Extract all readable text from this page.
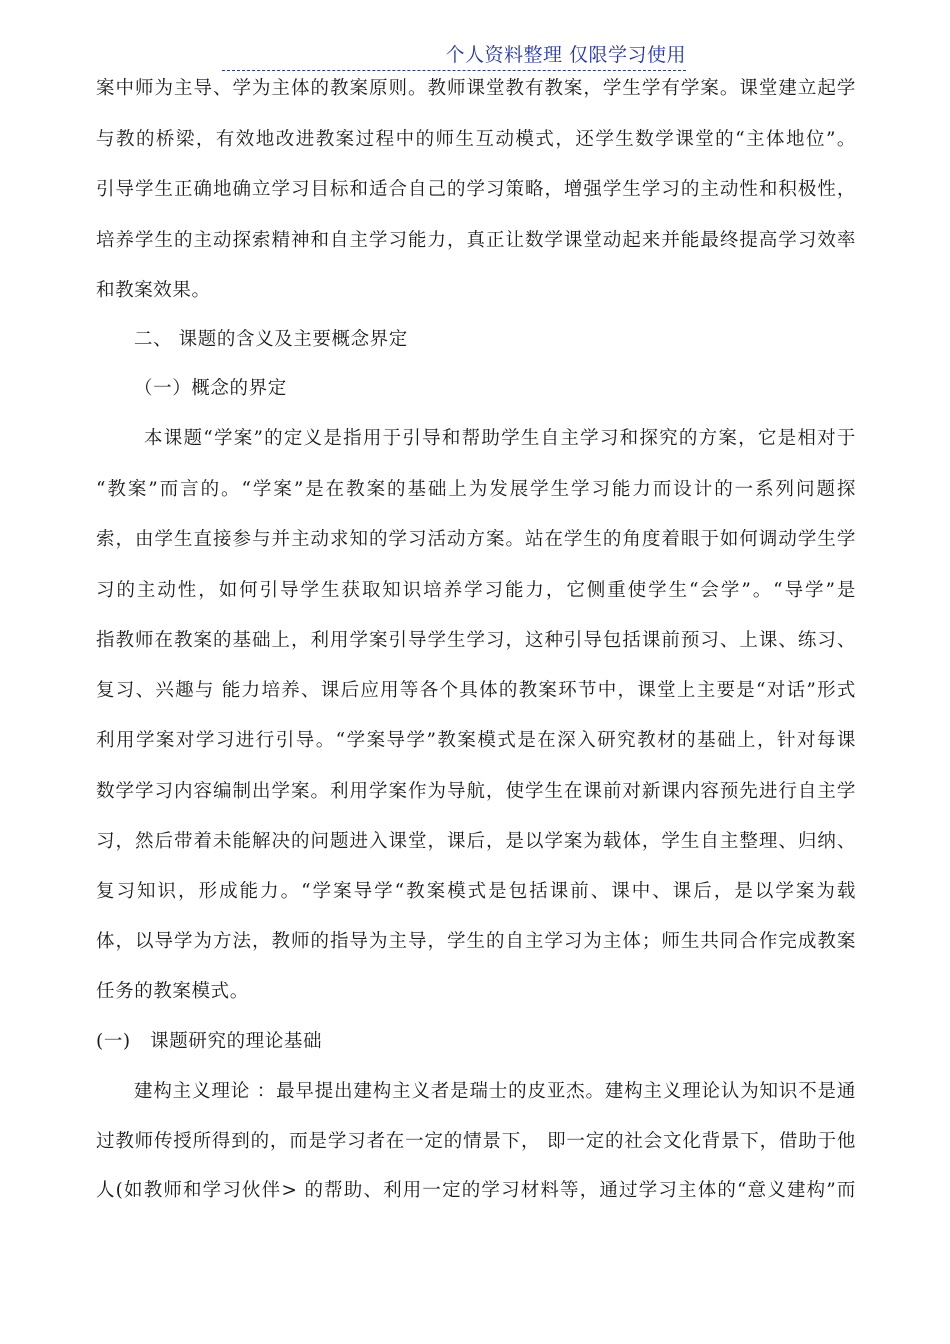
个人资料整理 仅限学习使用
案中师为主导、学为主体的教案原则。教师课堂教有教案，学生学有学案。课堂建立起学
与教的桥梁，有效地改进教案过程中的师生互动模式，还学生数学课堂的“主体地位”。
引导学生正确地确立学习目标和适合自己的学习策略，增强学生学习的主动性和积极性，
培养学生的主动探索精神和自主学习能力，真正让数学课堂动起来并能最终提高学习效率
和教案效果。
二、 课题的含义及主要概念界定
（一）概念的界定
本课题“学案”的定义是指用于引导和帮助学生自主学习和探究的方案，它是相对于
“教案”而言的。“学案”是在教案的基础上为发展学生学习能力而设计的一系列问题探
索，由学生直接参与并主动求知的学习活动方案。站在学生的角度着眼于如何调动学生学
习的主动性，如何引导学生获取知识培养学习能力，它侧重使学生“会学”。“导学”是
指教师在教案的基础上，利用学案引导学生学习，这种引导包括课前预习、上课、练习、
复习、兴趣与 能力培养、课后应用等各个具体的教案环节中，课堂上主要是“对话”形式
利用学案对学习进行引导。“学案导学”教案模式是在深入研究教材的基础上，针对每课
数学学习内容编制出学案。利用学案作为导航，使学生在课前对新课内容预先进行自主学
习，然后带着未能解决的问题进入课堂，课后，是以学案为载体，学生自主整理、归纳、
复习知识，形成能力。“学案导学“教案模式是包括课前、课中、课后，是以学案为载
体，以导学为方法，教师的指导为主导，学生的自主学习为主体；师生共同合作完成教案
任务的教案模式。
(一)   课题研究的理论基础
建构主义理论 ：最早提出建构主义者是瑞士的皮亚杰。建构主义理论认为知识不是通
过教师传授所得到的，而是学习者在一定的情景下， 即一定的社会文化背景下，借助于他
人(如教师和学习伙伴> 的帮助、利用一定的学习材料等，通过学习主体的“意义建构”而
